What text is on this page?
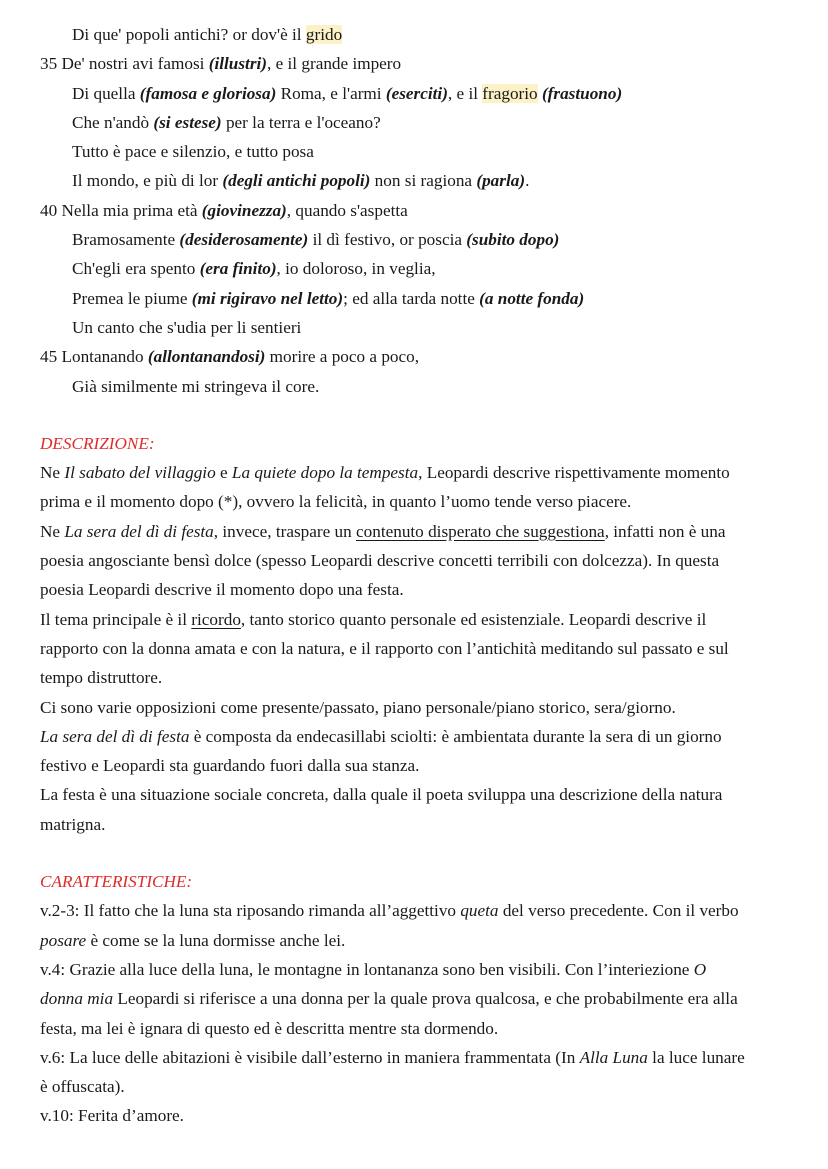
Di que' popoli antichi? or dov'è il grido
35 De' nostri avi famosi (illustri), e il grande impero
Di quella (famosa e gloriosa) Roma, e l'armi (eserciti), e il fragorio (frastuono)
Che n'andò (si estese) per la terra e l'oceano?
Tutto è pace e silenzio, e tutto posa
Il mondo, e più di lor (degli antichi popoli) non si ragiona (parla).
40 Nella mia prima età (giovinezza), quando s'aspetta
Bramosamente (desiderosamente) il dì festivo, or poscia (subito dopo)
Ch'egli era spento (era finito), io doloroso, in veglia,
Premea le piume (mi rigiravo nel letto); ed alla tarda notte (a notte fonda)
Un canto che s'udia per li sentieri
45 Lontanando (allontanandosi) morire a poco a poco,
Già similmente mi stringeva il core.
DESCRIZIONE:
Ne Il sabato del villaggio e La quiete dopo la tempesta, Leopardi descrive rispettivamente momento
prima e il momento dopo (*), ovvero la felicità, in quanto l’uomo tende verso piacere.
Ne La sera del dì di festa, invece, traspare un contenuto disperato che suggestiona, infatti non è una
poesia angosciante bensì dolce (spesso Leopardi descrive concetti terribili con dolcezza). In questa
poesia Leopardi descrive il momento dopo una festa.
Il tema principale è il ricordo, tanto storico quanto personale ed esistenziale. Leopardi descrive il
rapporto con la donna amata e con la natura, e il rapporto con l’antichità meditando sul passato e sul
tempo distruttore.
Ci sono varie opposizioni come presente/passato, piano personale/piano storico, sera/giorno.
La sera del dì di festa è composta da endecasillabi sciolti: è ambientata durante la sera di un giorno
festivo e Leopardi sta guardando fuori dalla sua stanza.
La festa è una situazione sociale concreta, dalla quale il poeta sviluppa una descrizione della natura
matrigna.
CARATTERISTICHE:
v.2-3: Il fatto che la luna sta riposando rimanda all’aggettivo queta del verso precedente. Con il verbo
posare è come se la luna dormisse anche lei.
v.4: Grazie alla luce della luna, le montagne in lontananza sono ben visibili. Con l’interiezione O
donna mia Leopardi si riferisce a una donna per la quale prova qualcosa, e che probabilmente era alla
festa, ma lei è ignara di questo ed è descritta mentre sta dormendo.
v.6: La luce delle abitazioni è visibile dall’esterno in maniera frammentata (In Alla Luna la luce lunare
è offuscata).
v.10: Ferita d’amore.
